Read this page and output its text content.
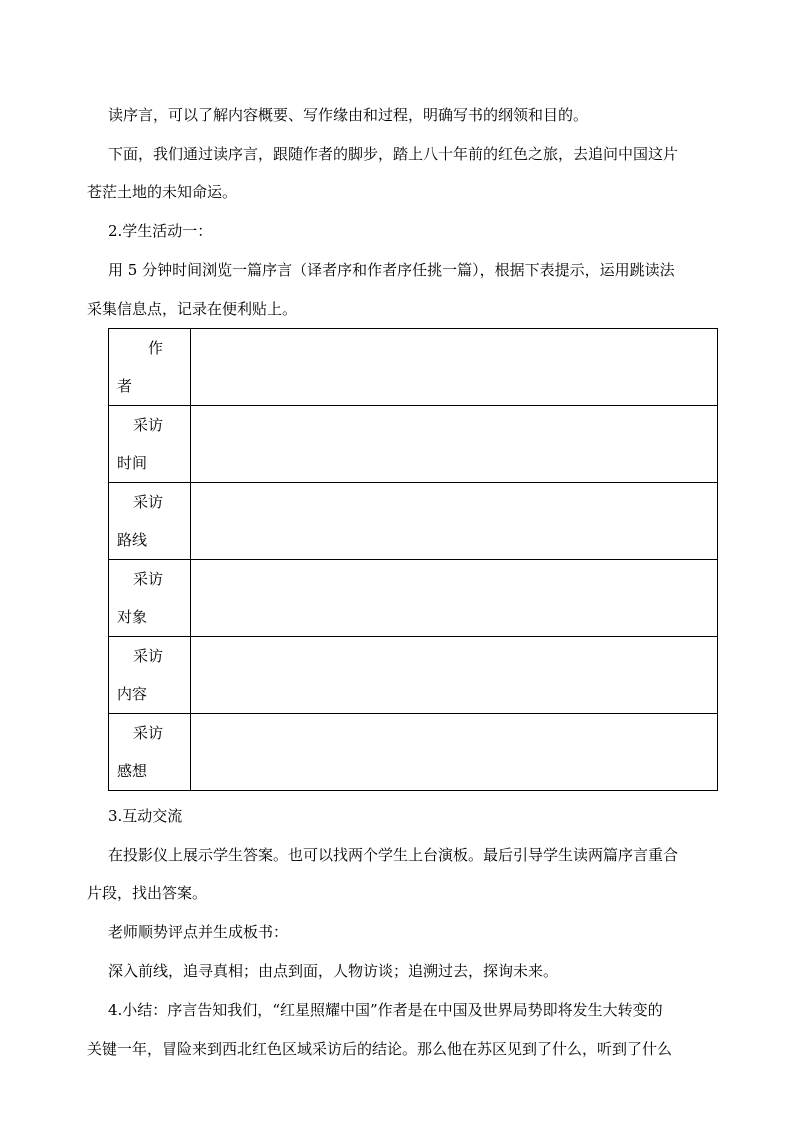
读序言，可以了解内容概要、写作缘由和过程，明确写书的纲领和目的。
下面，我们通过读序言，跟随作者的脚步，踏上八十年前的红色之旅，去追问中国这片
苍茫土地的未知命运。
2.学生活动一：
用 5 分钟时间浏览一篇序言（译者序和作者序任挑一篇），根据下表提示，运用跳读法
采集信息点，记录在便利贴上。
作
者	

采访
时间	

采访
路线	

采访
对象	

采访
内容	

采访
感想	

3.互动交流
在投影仪上展示学生答案。也可以找两个学生上台演板。最后引导学生读两篇序言重合
片段，找出答案。
老师顺势评点并生成板书：
深入前线，追寻真相；由点到面，人物访谈；追溯过去，探询未来。
4.小结：序言告知我们，“红星照耀中国”作者是在中国及世界局势即将发生大转变的
关键一年，冒险来到西北红色区域采访后的结论。那么他在苏区见到了什么，听到了什么
